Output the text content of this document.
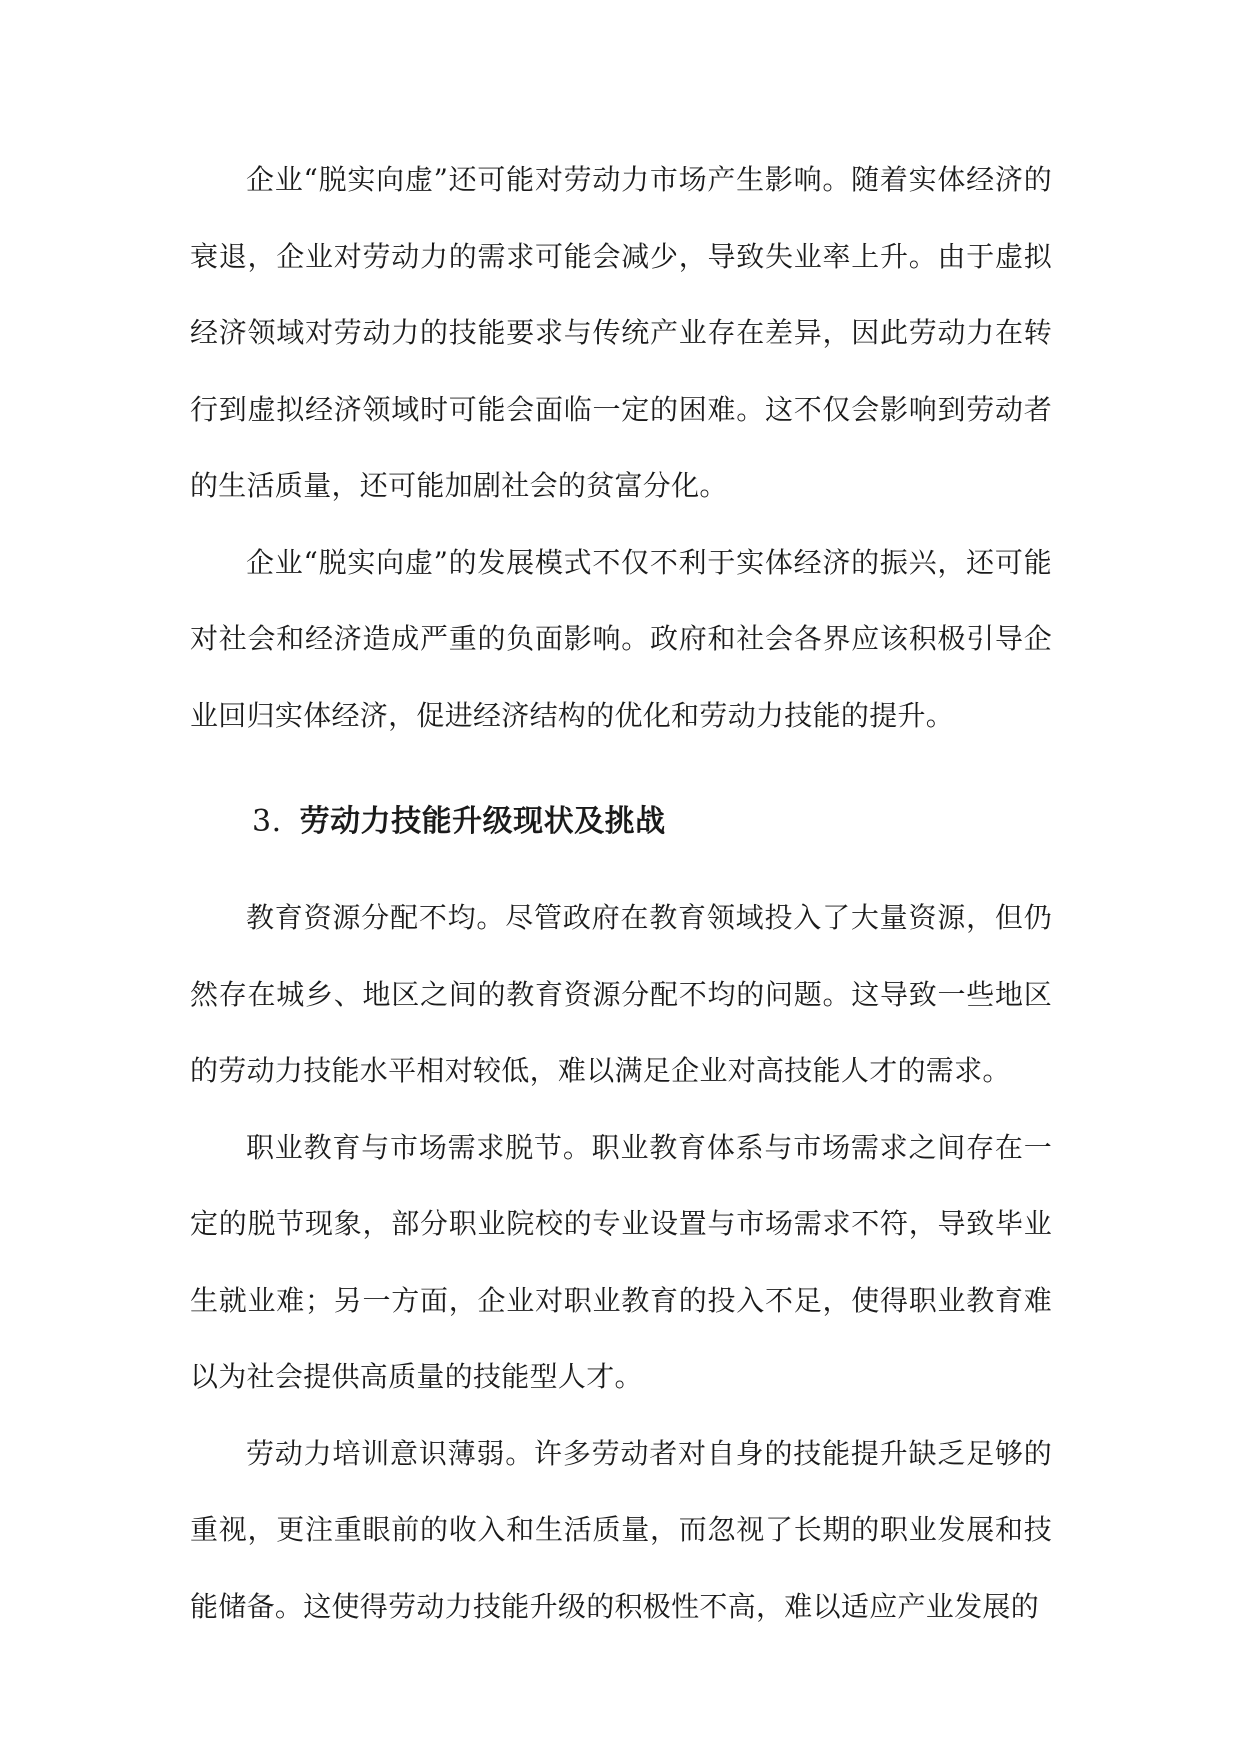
企业“脱实向虚”还可能对劳动力市场产生影响。随着实体经济的衰退，企业对劳动力的需求可能会减少，导致失业率上升。由于虚拟经济领域对劳动力的技能要求与传统产业存在差异，因此劳动力在转行到虚拟经济领域时可能会面临一定的困难。这不仅会影响到劳动者的生活质量，还可能加剧社会的贫富分化。

企业“脱实向虚”的发展模式不仅不利于实体经济的振兴，还可能对社会和经济造成严重的负面影响。政府和社会各界应该积极引导企业回归实体经济，促进经济结构的优化和劳动力技能的提升。

3. 劳动力技能升级现状及挑战

教育资源分配不均。尽管政府在教育领域投入了大量资源，但仍然存在城乡、地区之间的教育资源分配不均的问题。这导致一些地区的劳动力技能水平相对较低，难以满足企业对高技能人才的需求。

职业教育与市场需求脱节。职业教育体系与市场需求之间存在一定的脱节现象，部分职业院校的专业设置与市场需求不符，导致毕业生就业难；另一方面，企业对职业教育的投入不足，使得职业教育难以为社会提供高质量的技能型人才。

劳动力培训意识薄弱。许多劳动者对自身的技能提升缺乏足够的重视，更注重眼前的收入和生活质量，而忽视了长期的职业发展和技能储备。这使得劳动力技能升级的积极性不高，难以适应产业发展的
